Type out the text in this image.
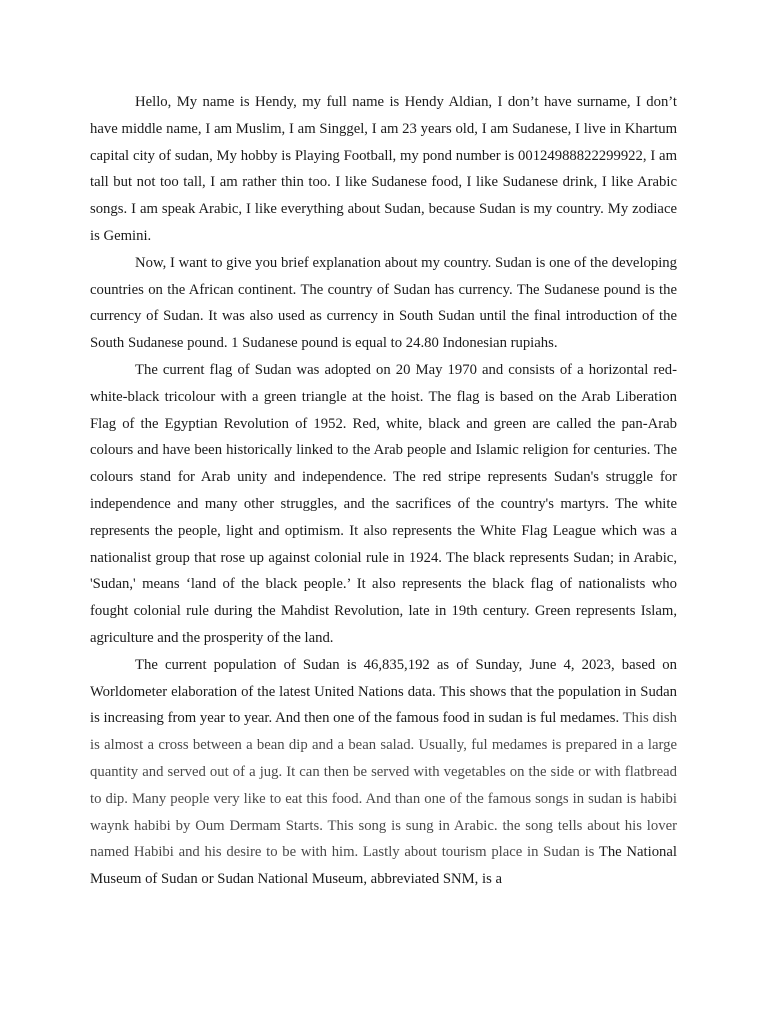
Hello, My name is Hendy, my full name is Hendy Aldian, I don’t have surname, I don’t have middle name, I am Muslim, I am Singgel, I am 23 years old, I am Sudanese, I live in Khartum capital city of sudan, My hobby is Playing Football, my pond number is 00124988822299922, I am tall but not too tall, I am rather thin too. I like Sudanese food, I like Sudanese drink, I like Arabic songs. I am speak Arabic, I like everything about Sudan, because Sudan is my country. My zodiace is Gemini.

Now, I want to give you brief explanation about my country. Sudan is one of the developing countries on the African continent. The country of Sudan has currency. The Sudanese pound is the currency of Sudan. It was also used as currency in South Sudan until the final introduction of the South Sudanese pound. 1 Sudanese pound is equal to 24.80 Indonesian rupiahs.

The current flag of Sudan was adopted on 20 May 1970 and consists of a horizontal red-white-black tricolour with a green triangle at the hoist. The flag is based on the Arab Liberation Flag of the Egyptian Revolution of 1952. Red, white, black and green are called the pan-Arab colours and have been historically linked to the Arab people and Islamic religion for centuries. The colours stand for Arab unity and independence. The red stripe represents Sudan's struggle for independence and many other struggles, and the sacrifices of the country's martyrs. The white represents the people, light and optimism. It also represents the White Flag League which was a nationalist group that rose up against colonial rule in 1924. The black represents Sudan; in Arabic, 'Sudan,' means ‘land of the black people.’ It also represents the black flag of nationalists who fought colonial rule during the Mahdist Revolution, late in 19th century. Green represents Islam, agriculture and the prosperity of the land.

The current population of Sudan is 46,835,192 as of Sunday, June 4, 2023, based on Worldometer elaboration of the latest United Nations data. This shows that the population in Sudan is increasing from year to year. And then one of the famous food in sudan is ful medames. This dish is almost a cross between a bean dip and a bean salad. Usually, ful medames is prepared in a large quantity and served out of a jug. It can then be served with vegetables on the side or with flatbread to dip. Many people very like to eat this food. And than one of the famous songs in sudan is habibi waynk habibi by Oum Dermam Starts. This song is sung in Arabic. the song tells about his lover named Habibi and his desire to be with him. Lastly about tourism place in Sudan is The National Museum of Sudan or Sudan National Museum, abbreviated SNM, is a
